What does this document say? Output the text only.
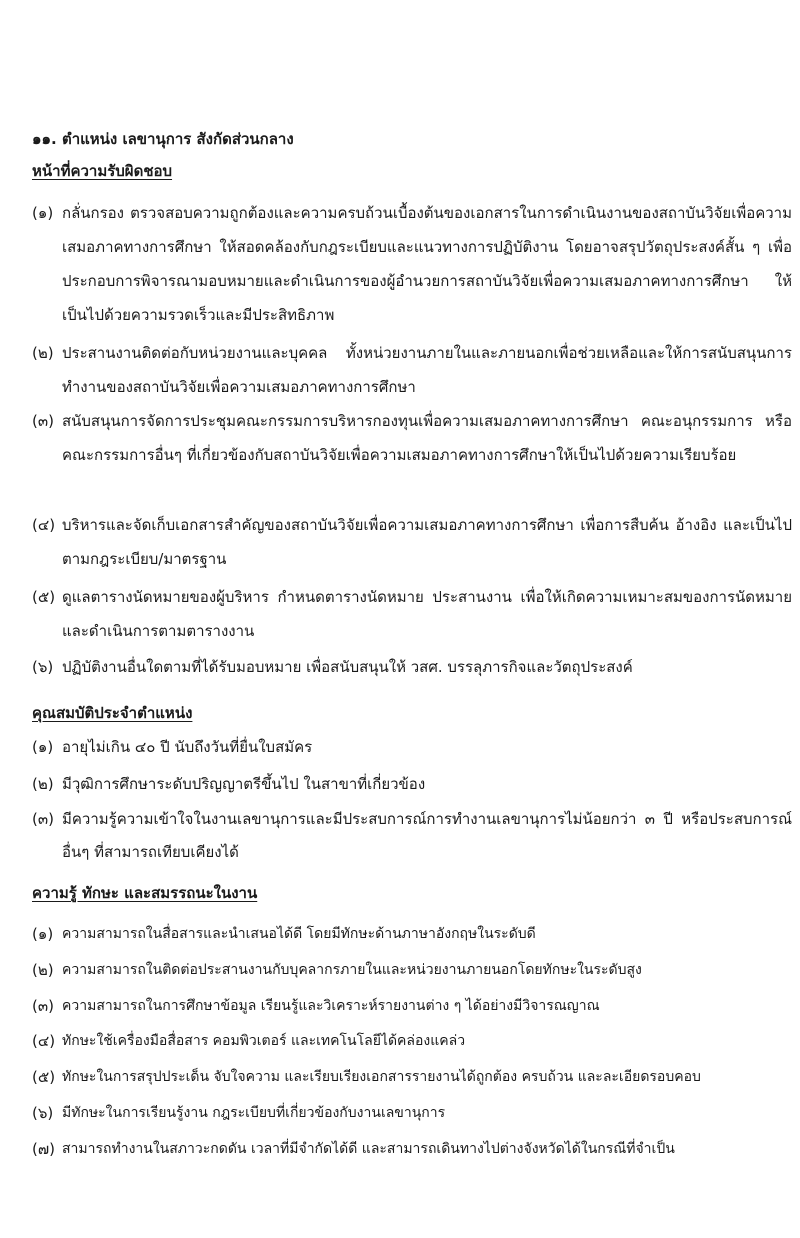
๑๑. ตำแหน่ง เลขานุการ สังกัดส่วนกลาง
หน้าที่ความรับผิดชอบ
(๑) กลั่นกรอง ตรวจสอบความถูกต้องและความครบถ้วนเบื้องต้นของเอกสารในการดำเนินงานของสถาบันวิจัยเพื่อความเสมอภาคทางการศึกษา ให้สอดคล้องกับกฎระเบียบและแนวทางการปฏิบัติงาน โดยอาจสรุปวัตถุประสงค์สั้น ๆ เพื่อประกอบการพิจารณามอบหมายและดำเนินการของผู้อำนวยการสถาบันวิจัยเพื่อความเสมอภาคทางการศึกษา ให้เป็นไปด้วยความรวดเร็วและมีประสิทธิภาพ
(๒) ประสานงานติดต่อกับหน่วยงานและบุคคล ทั้งหน่วยงานภายในและภายนอกเพื่อช่วยเหลือและให้การสนับสนุนการทำงานของสถาบันวิจัยเพื่อความเสมอภาคทางการศึกษา
(๓) สนับสนุนการจัดการประชุมคณะกรรมการบริหารกองทุนเพื่อความเสมอภาคทางการศึกษา คณะอนุกรรมการ หรือคณะกรรมการอื่นๆ ที่เกี่ยวข้องกับสถาบันวิจัยเพื่อความเสมอภาคทางการศึกษาให้เป็นไปด้วยความเรียบร้อย
(๔) บริหารและจัดเก็บเอกสารสำคัญของสถาบันวิจัยเพื่อความเสมอภาคทางการศึกษา เพื่อการสืบค้น อ้างอิง และเป็นไปตามกฎระเบียบ/มาตรฐาน
(๕) ดูแลตารางนัดหมายของผู้บริหาร กำหนดตารางนัดหมาย ประสานงาน เพื่อให้เกิดความเหมาะสมของการนัดหมายและดำเนินการตามตารางงาน
(๖) ปฏิบัติงานอื่นใดตามที่ได้รับมอบหมาย เพื่อสนับสนุนให้ วสศ. บรรลุภารกิจและวัตถุประสงค์
คุณสมบัติประจำตำแหน่ง
(๑) อายุไม่เกิน ๔๐ ปี นับถึงวันที่ยื่นใบสมัคร
(๒) มีวุฒิการศึกษาระดับปริญญาตรีขึ้นไป ในสาขาที่เกี่ยวข้อง
(๓) มีความรู้ความเข้าใจในงานเลขานุการและมีประสบการณ์การทำงานเลขานุการไม่น้อยกว่า ๓ ปี หรือประสบการณ์อื่นๆ ที่สามารถเทียบเคียงได้
ความรู้ ทักษะ และสมรรถนะในงาน
(๑) ความสามารถในสื่อสารและนำเสนอได้ดี โดยมีทักษะด้านภาษาอังกฤษในระดับดี
(๒) ความสามารถในติดต่อประสานงานกับบุคลากรภายในและหน่วยงานภายนอกโดยทักษะในระดับสูง
(๓) ความสามารถในการศึกษาข้อมูล เรียนรู้และวิเคราะห์รายงานต่าง ๆ ได้อย่างมีวิจารณญาณ
(๔) ทักษะใช้เครื่องมือสื่อสาร คอมพิวเตอร์ และเทคโนโลยีได้คล่องแคล่ว
(๕) ทักษะในการสรุปประเด็น จับใจความ และเรียบเรียงเอกสารรายงานได้ถูกต้อง ครบถ้วน และละเอียดรอบคอบ
(๖) มีทักษะในการเรียนรู้งาน กฎระเบียบที่เกี่ยวข้องกับงานเลขานุการ
(๗) สามารถทำงานในสภาวะกดดัน เวลาที่มีจำกัดได้ดี และสามารถเดินทางไปต่างจังหวัดได้ในกรณีที่จำเป็น
